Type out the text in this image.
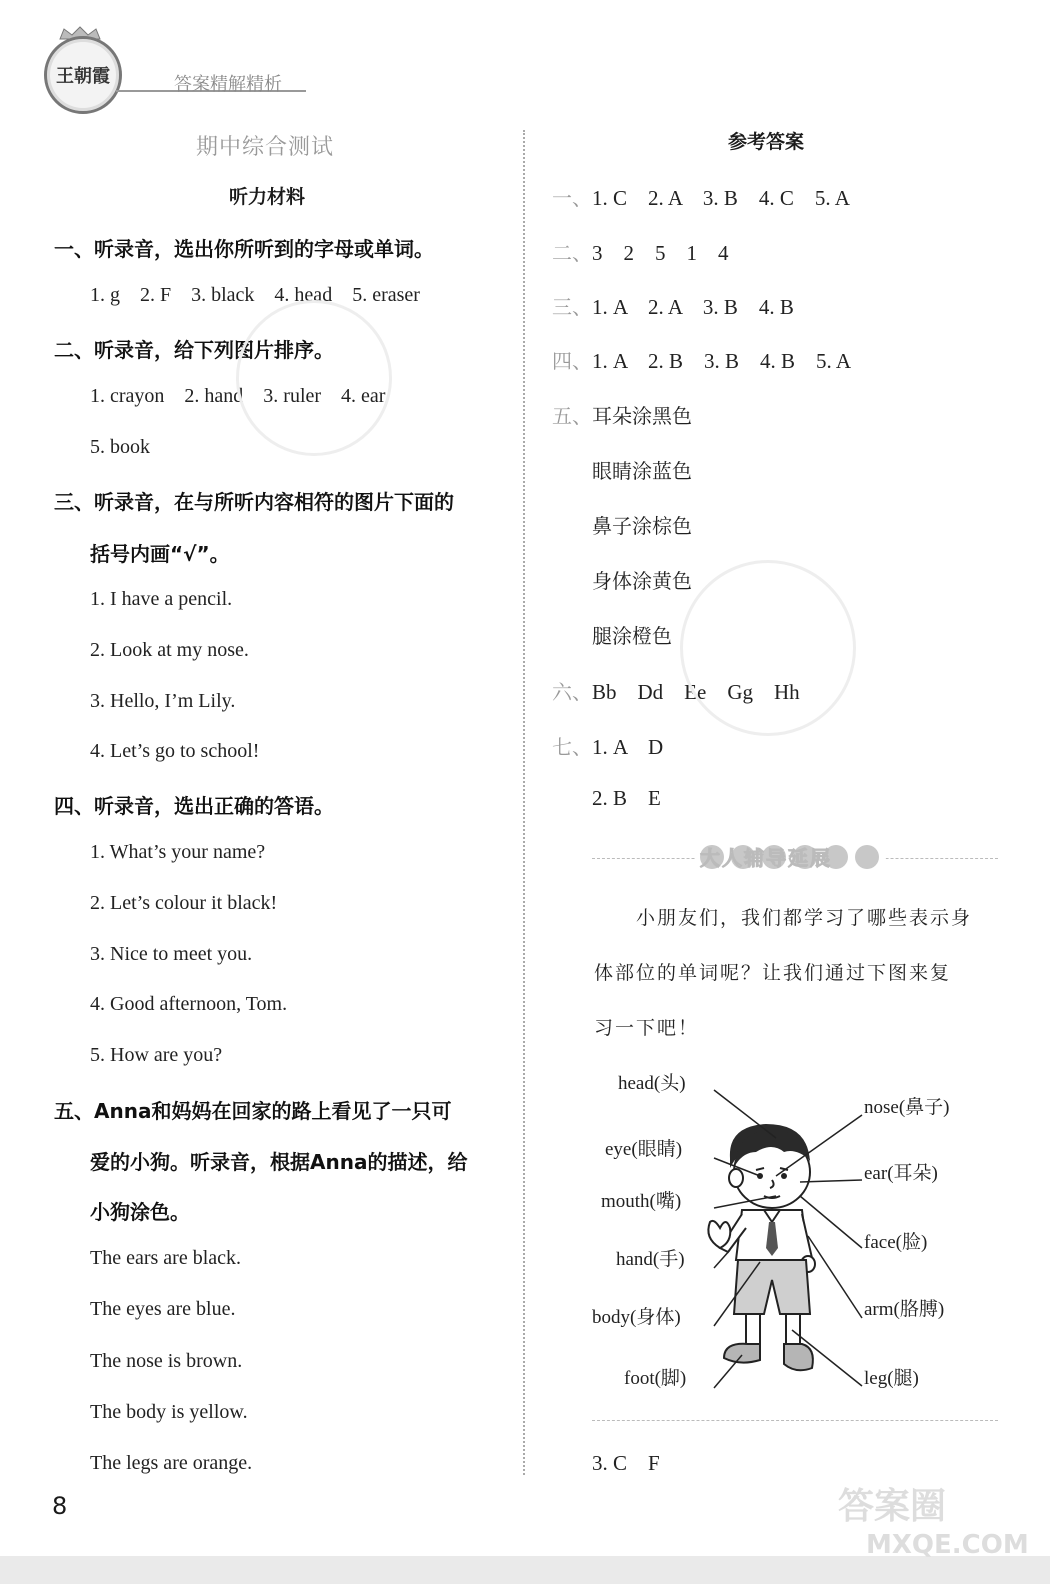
王朝霞	答案精解精析
期中综合测试
听力材料
一、听录音，选出你所听到的字母或单词。
1. g    2. F    3. black    4. head    5. eraser
二、听录音，给下列图片排序。
1. crayon    2. hand    3. ruler    4. ear
5. book
三、听录音，在与所听内容相符的图片下面的
括号内画“√”。
1. I have a pencil.
2. Look at my nose.
3. Hello, I’m Lily.
4. Let’s go to school!
四、听录音，选出正确的答语。
1. What’s your name?
2. Let’s colour it black!
3. Nice to meet you.
4. Good afternoon, Tom.
5. How are you?
五、Anna和妈妈在回家的路上看见了一只可
爱的小狗。听录音，根据Anna的描述，给
小狗涂色。
The ears are black.
The eyes are blue.
The nose is brown.
The body is yellow.
The legs are orange.
参考答案
一、1. C    2. A    3. B    4. C    5. A
二、3    2    5    1    4
三、1. A    2. A    3. B    4. B
四、1. A    2. B    3. B    4. B    5. A
五、耳朵涂黑色
眼睛涂蓝色
鼻子涂棕色
身体涂黄色
腿涂橙色
六、Bb    Dd    Ee    Gg    Hh
七、1. A    D
2. B    E
大人辅导延展
小朋友们，我们都学习了哪些表示身
体部位的单词呢？让我们通过下图来复
习一下吧！
head(头)
eye(眼睛)
mouth(嘴)
hand(手)
body(身体)
foot(脚)
nose(鼻子)
ear(耳朵)
face(脸)
arm(胳膊)
leg(腿)
3. C    F
8	答案圈
MXQE.COM
